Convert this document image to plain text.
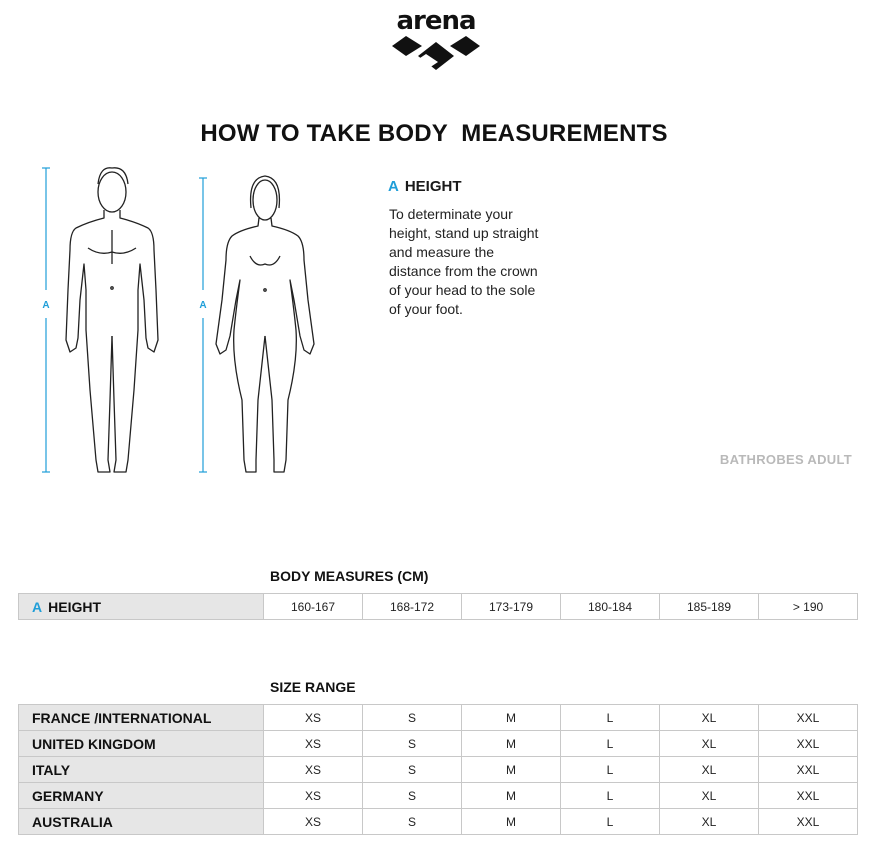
arena
HOW TO TAKE BODY  MEASUREMENTS
A	A
A HEIGHT
To determinate your height, stand up straight and measure the distance from the crown of your head to the sole of your foot.
BATHROBES ADULT
BODY MEASURES (CM)
A HEIGHT	160-167	168-172	173-179	180-184	185-189	> 190
SIZE RANGE
FRANCE /INTERNATIONAL	XS	S	M	L	XL	XXL
UNITED KINGDOM	XS	S	M	L	XL	XXL
ITALY	XS	S	M	L	XL	XXL
GERMANY	XS	S	M	L	XL	XXL
AUSTRALIA	XS	S	M	L	XL	XXL
